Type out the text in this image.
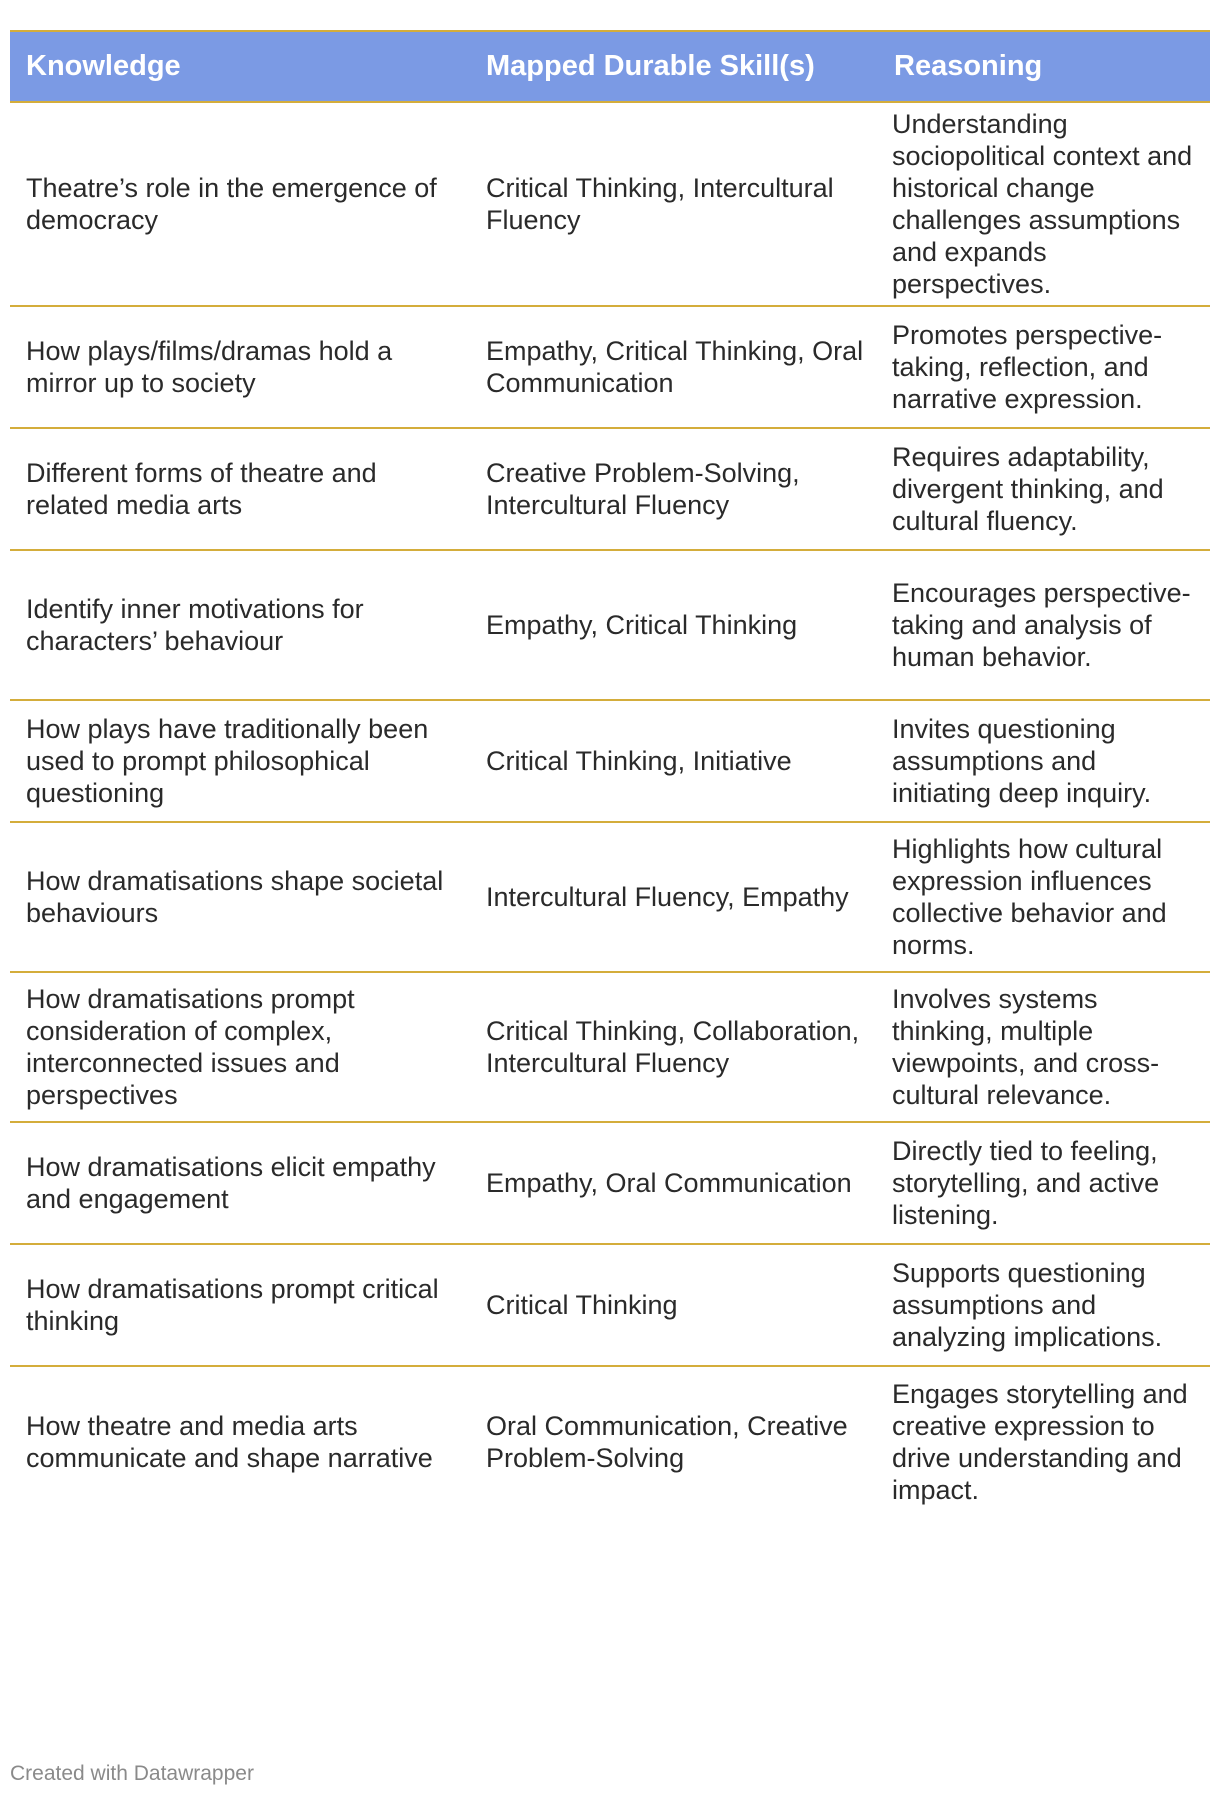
Knowledge	Mapped Durable Skill(s)	Reasoning
Theatre’s role in the emergence of democracy	Critical Thinking, Intercultural Fluency	Understanding sociopolitical context and historical change challenges assumptions and expands perspectives.
How plays/films/dramas hold a mirror up to society	Empathy, Critical Thinking, Oral Communication	Promotes perspective-taking, reflection, and narrative expression.
Different forms of theatre and related media arts	Creative Problem-Solving, Intercultural Fluency	Requires adaptability, divergent thinking, and cultural fluency.
Identify inner motivations for characters’ behaviour	Empathy, Critical Thinking	Encourages perspective-taking and analysis of human behavior.
How plays have traditionally been used to prompt philosophical questioning	Critical Thinking, Initiative	Invites questioning assumptions and initiating deep inquiry.
How dramatisations shape societal behaviours	Intercultural Fluency, Empathy	Highlights how cultural expression influences collective behavior and norms.
How dramatisations prompt consideration of complex, interconnected issues and perspectives	Critical Thinking, Collaboration, Intercultural Fluency	Involves systems thinking, multiple viewpoints, and cross-cultural relevance.
How dramatisations elicit empathy and engagement	Empathy, Oral Communication	Directly tied to feeling, storytelling, and active listening.
How dramatisations prompt critical thinking	Critical Thinking	Supports questioning assumptions and analyzing implications.
How theatre and media arts communicate and shape narrative	Oral Communication, Creative Problem-Solving	Engages storytelling and creative expression to drive understanding and impact.
Created with Datawrapper
